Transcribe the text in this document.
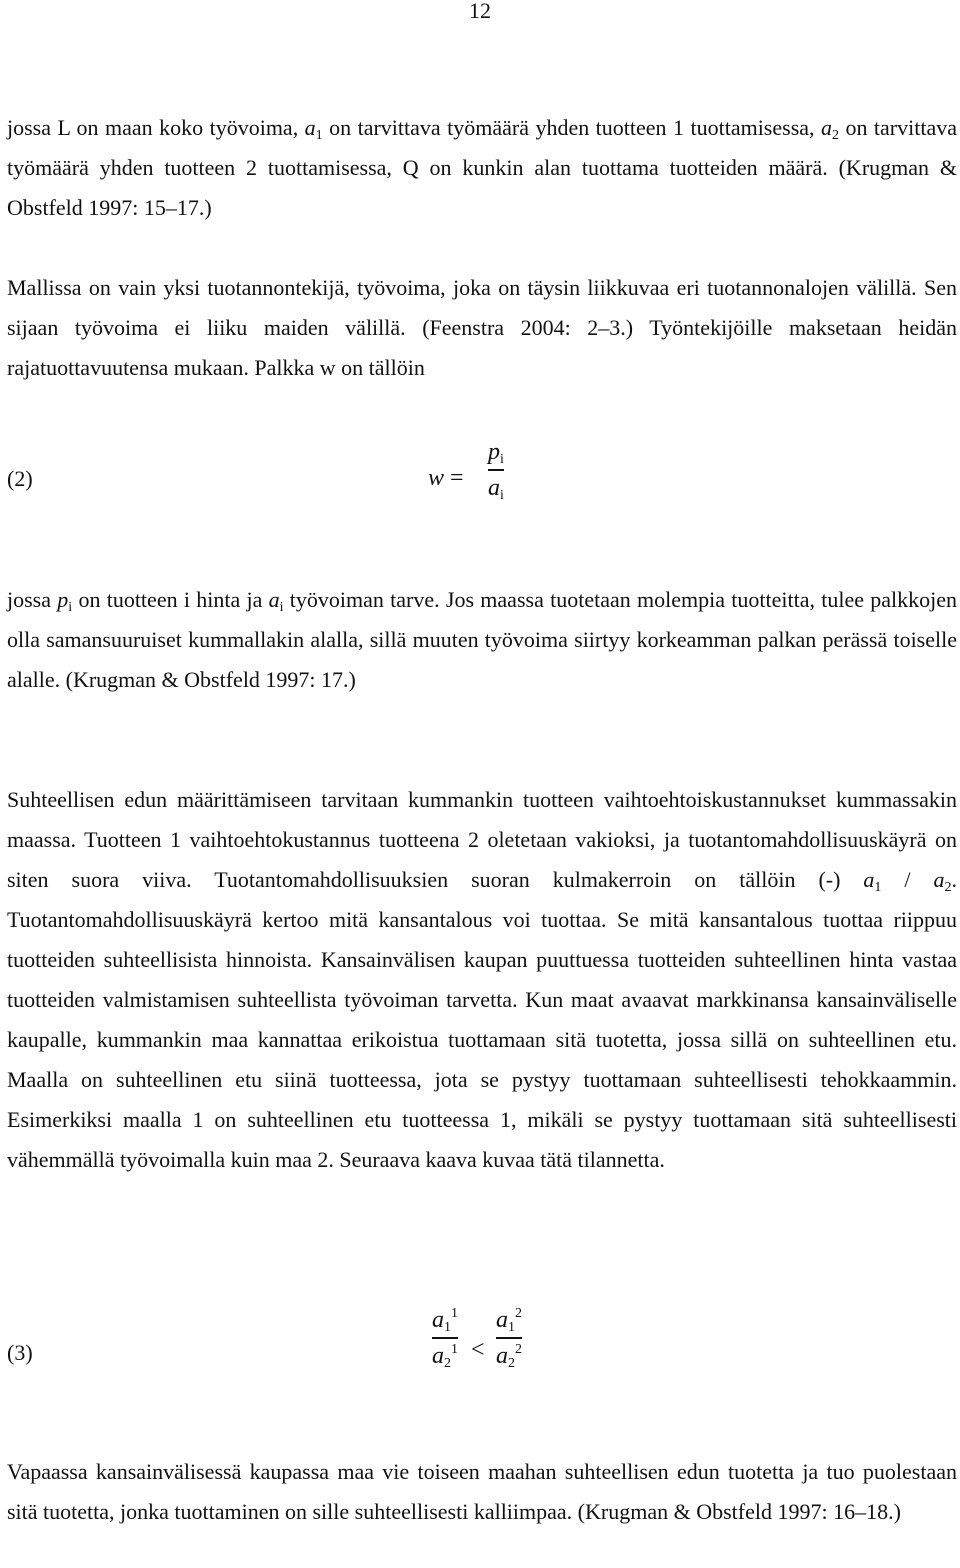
12

jossa L on maan koko työvoima, $a_1$ on tarvittava työmäärä yhden tuotteen 1 tuottamisessa, $a_2$ on tarvittava työmäärä yhden tuotteen 2 tuottamisessa, Q on kunkin alan tuottama tuotteiden määrä. (Krugman & Obstfeld 1997: 15–17.)

Mallissa on vain yksi tuotannontekijä, työvoima, joka on täysin liikkuvaa eri tuotannonalojen välillä. Sen sijaan työvoima ei liiku maiden välillä. (Feenstra 2004: 2–3.) Työntekijöille maksetaan heidän rajatuottavuutensa mukaan. Palkka w on tällöin

(2)	w =
$p_i$
$a_i$

jossa $p_i$ on tuotteen i hinta ja $a_i$ työvoiman tarve. Jos maassa tuotetaan molempia tuotteitta, tulee palkkojen olla samansuuruiset kummallakin alalla, sillä muuten työvoima siirtyy korkeamman palkan perässä toiselle alalle. (Krugman & Obstfeld 1997: 17.)

Suhteellisen edun määrittämiseen tarvitaan kummankin tuotteen vaihtoehtoiskustannukset kummassakin maassa. Tuotteen 1 vaihtoehtokustannus tuotteena 2 oletetaan vakioksi, ja tuotantomahdollisuuskäyrä on siten suora viiva. Tuotantomahdollisuuksien suoran kulmakerroin on tällöin (-) $a_1 / a_2$. Tuotantomahdollisuuskäyrä kertoo mitä kansantalous voi tuottaa. Se mitä kansantalous tuottaa riippuu tuotteiden suhteellisista hinnoista. Kansainvälisen kaupan puuttuessa tuotteiden suhteellinen hinta vastaa tuotteiden valmistamisen suhteellista työvoiman tarvetta. Kun maat avaavat markkinansa kansainväliselle kaupalle, kummankin maa kannattaa erikoistua tuottamaan sitä tuotetta, jossa sillä on suhteellinen etu. Maalla on suhteellinen etu siinä tuotteessa, jota se pystyy tuottamaan suhteellisesti tehokkaammin. Esimerkiksi maalla 1 on suhteellinen etu tuotteessa 1, mikäli se pystyy tuottamaan sitä suhteellisesti vähemmällä työvoimalla kuin maa 2. Seuraava kaava kuvaa tätä tilannetta.

(3)
$a_1^1$
$a_2^1$ <
$a_1^2$
$a_2^2$

Vapaassa kansainvälisessä kaupassa maa vie toiseen maahan suhteellisen edun tuotetta ja tuo puolestaan sitä tuotetta, jonka tuottaminen on sille suhteellisesti kalliimpaa. (Krugman & Obstfeld 1997: 16–18.)
